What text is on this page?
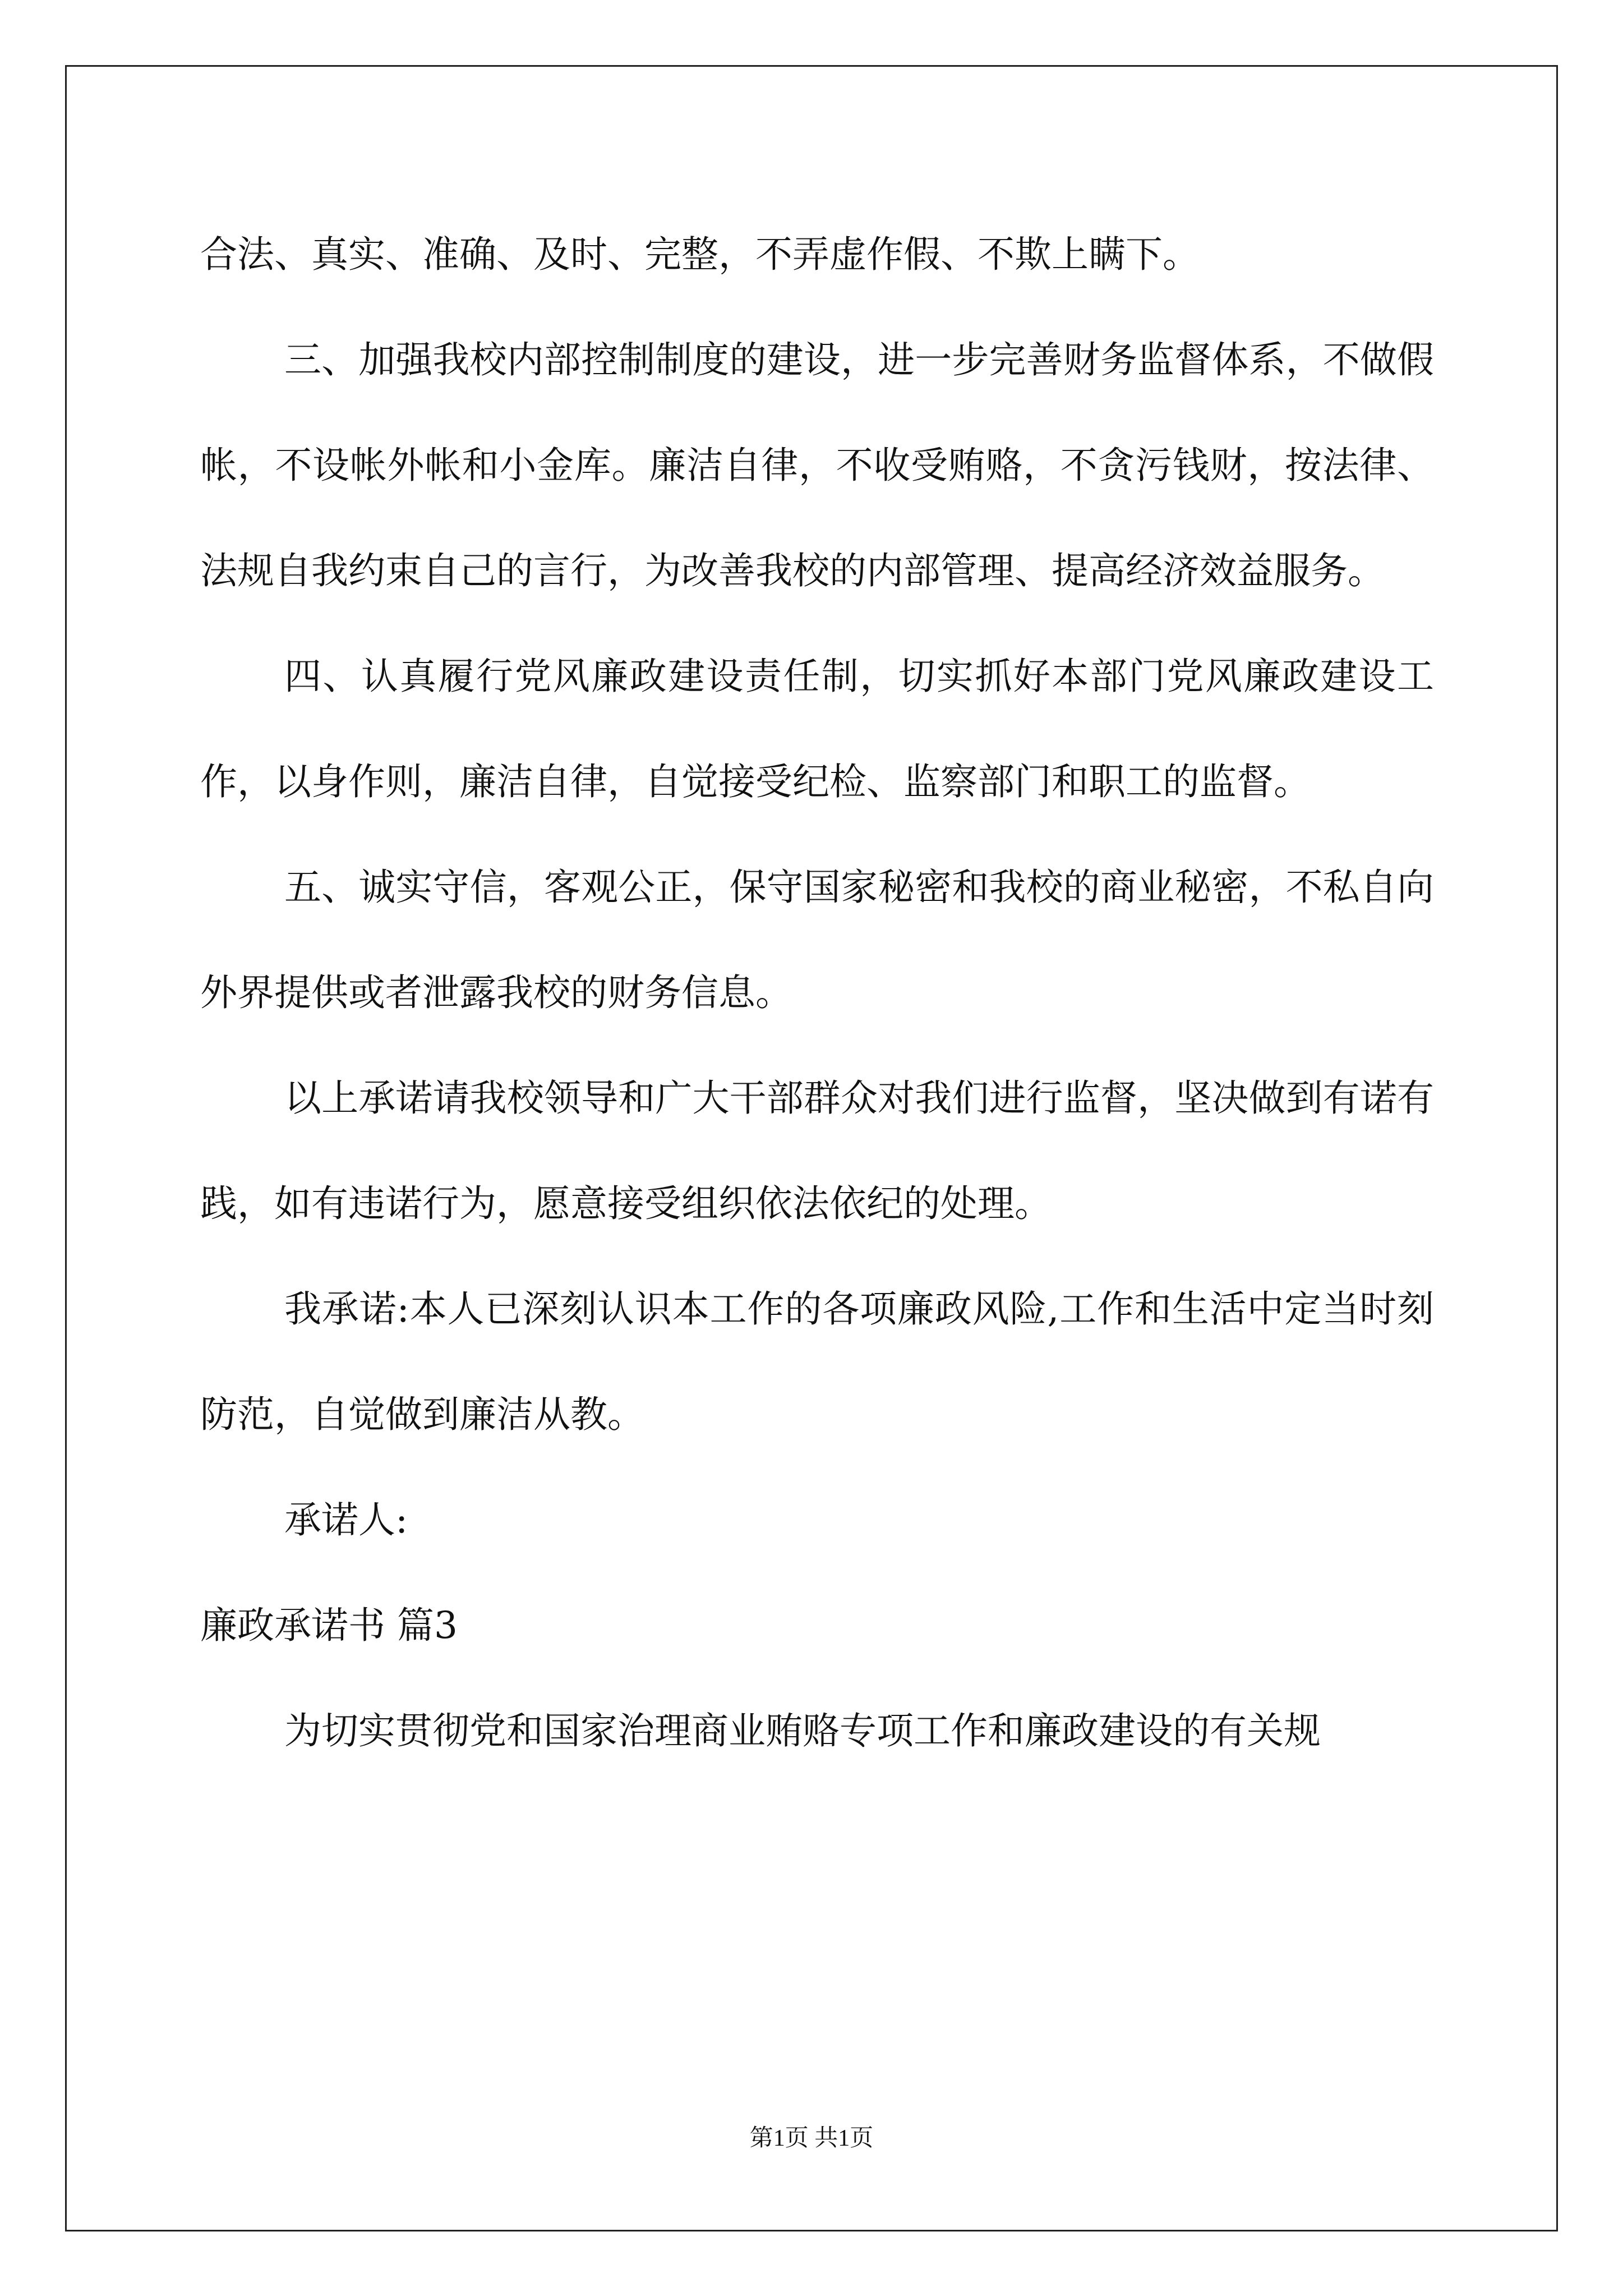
合法、真实、准确、及时、完整，不弄虚作假、不欺上瞒下。

三、加强我校内部控制制度的建设，进一步完善财务监督体系，不做假帐，不设帐外帐和小金库。廉洁自律，不收受贿赂，不贪污钱财，按法律、法规自我约束自己的言行，为改善我校的内部管理、提高经济效益服务。

四、认真履行党风廉政建设责任制，切实抓好本部门党风廉政建设工作，以身作则，廉洁自律，自觉接受纪检、监察部门和职工的监督。

五、诚实守信，客观公正，保守国家秘密和我校的商业秘密，不私自向外界提供或者泄露我校的财务信息。

以上承诺请我校领导和广大干部群众对我们进行监督，坚决做到有诺有践，如有违诺行为，愿意接受组织依法依纪的处理。

我承诺:本人已深刻认识本工作的各项廉政风险,工作和生活中定当时刻防范，自觉做到廉洁从教。

承诺人:

廉政承诺书 篇3

为切实贯彻党和国家治理商业贿赂专项工作和廉政建设的有关规

第1页 共1页
